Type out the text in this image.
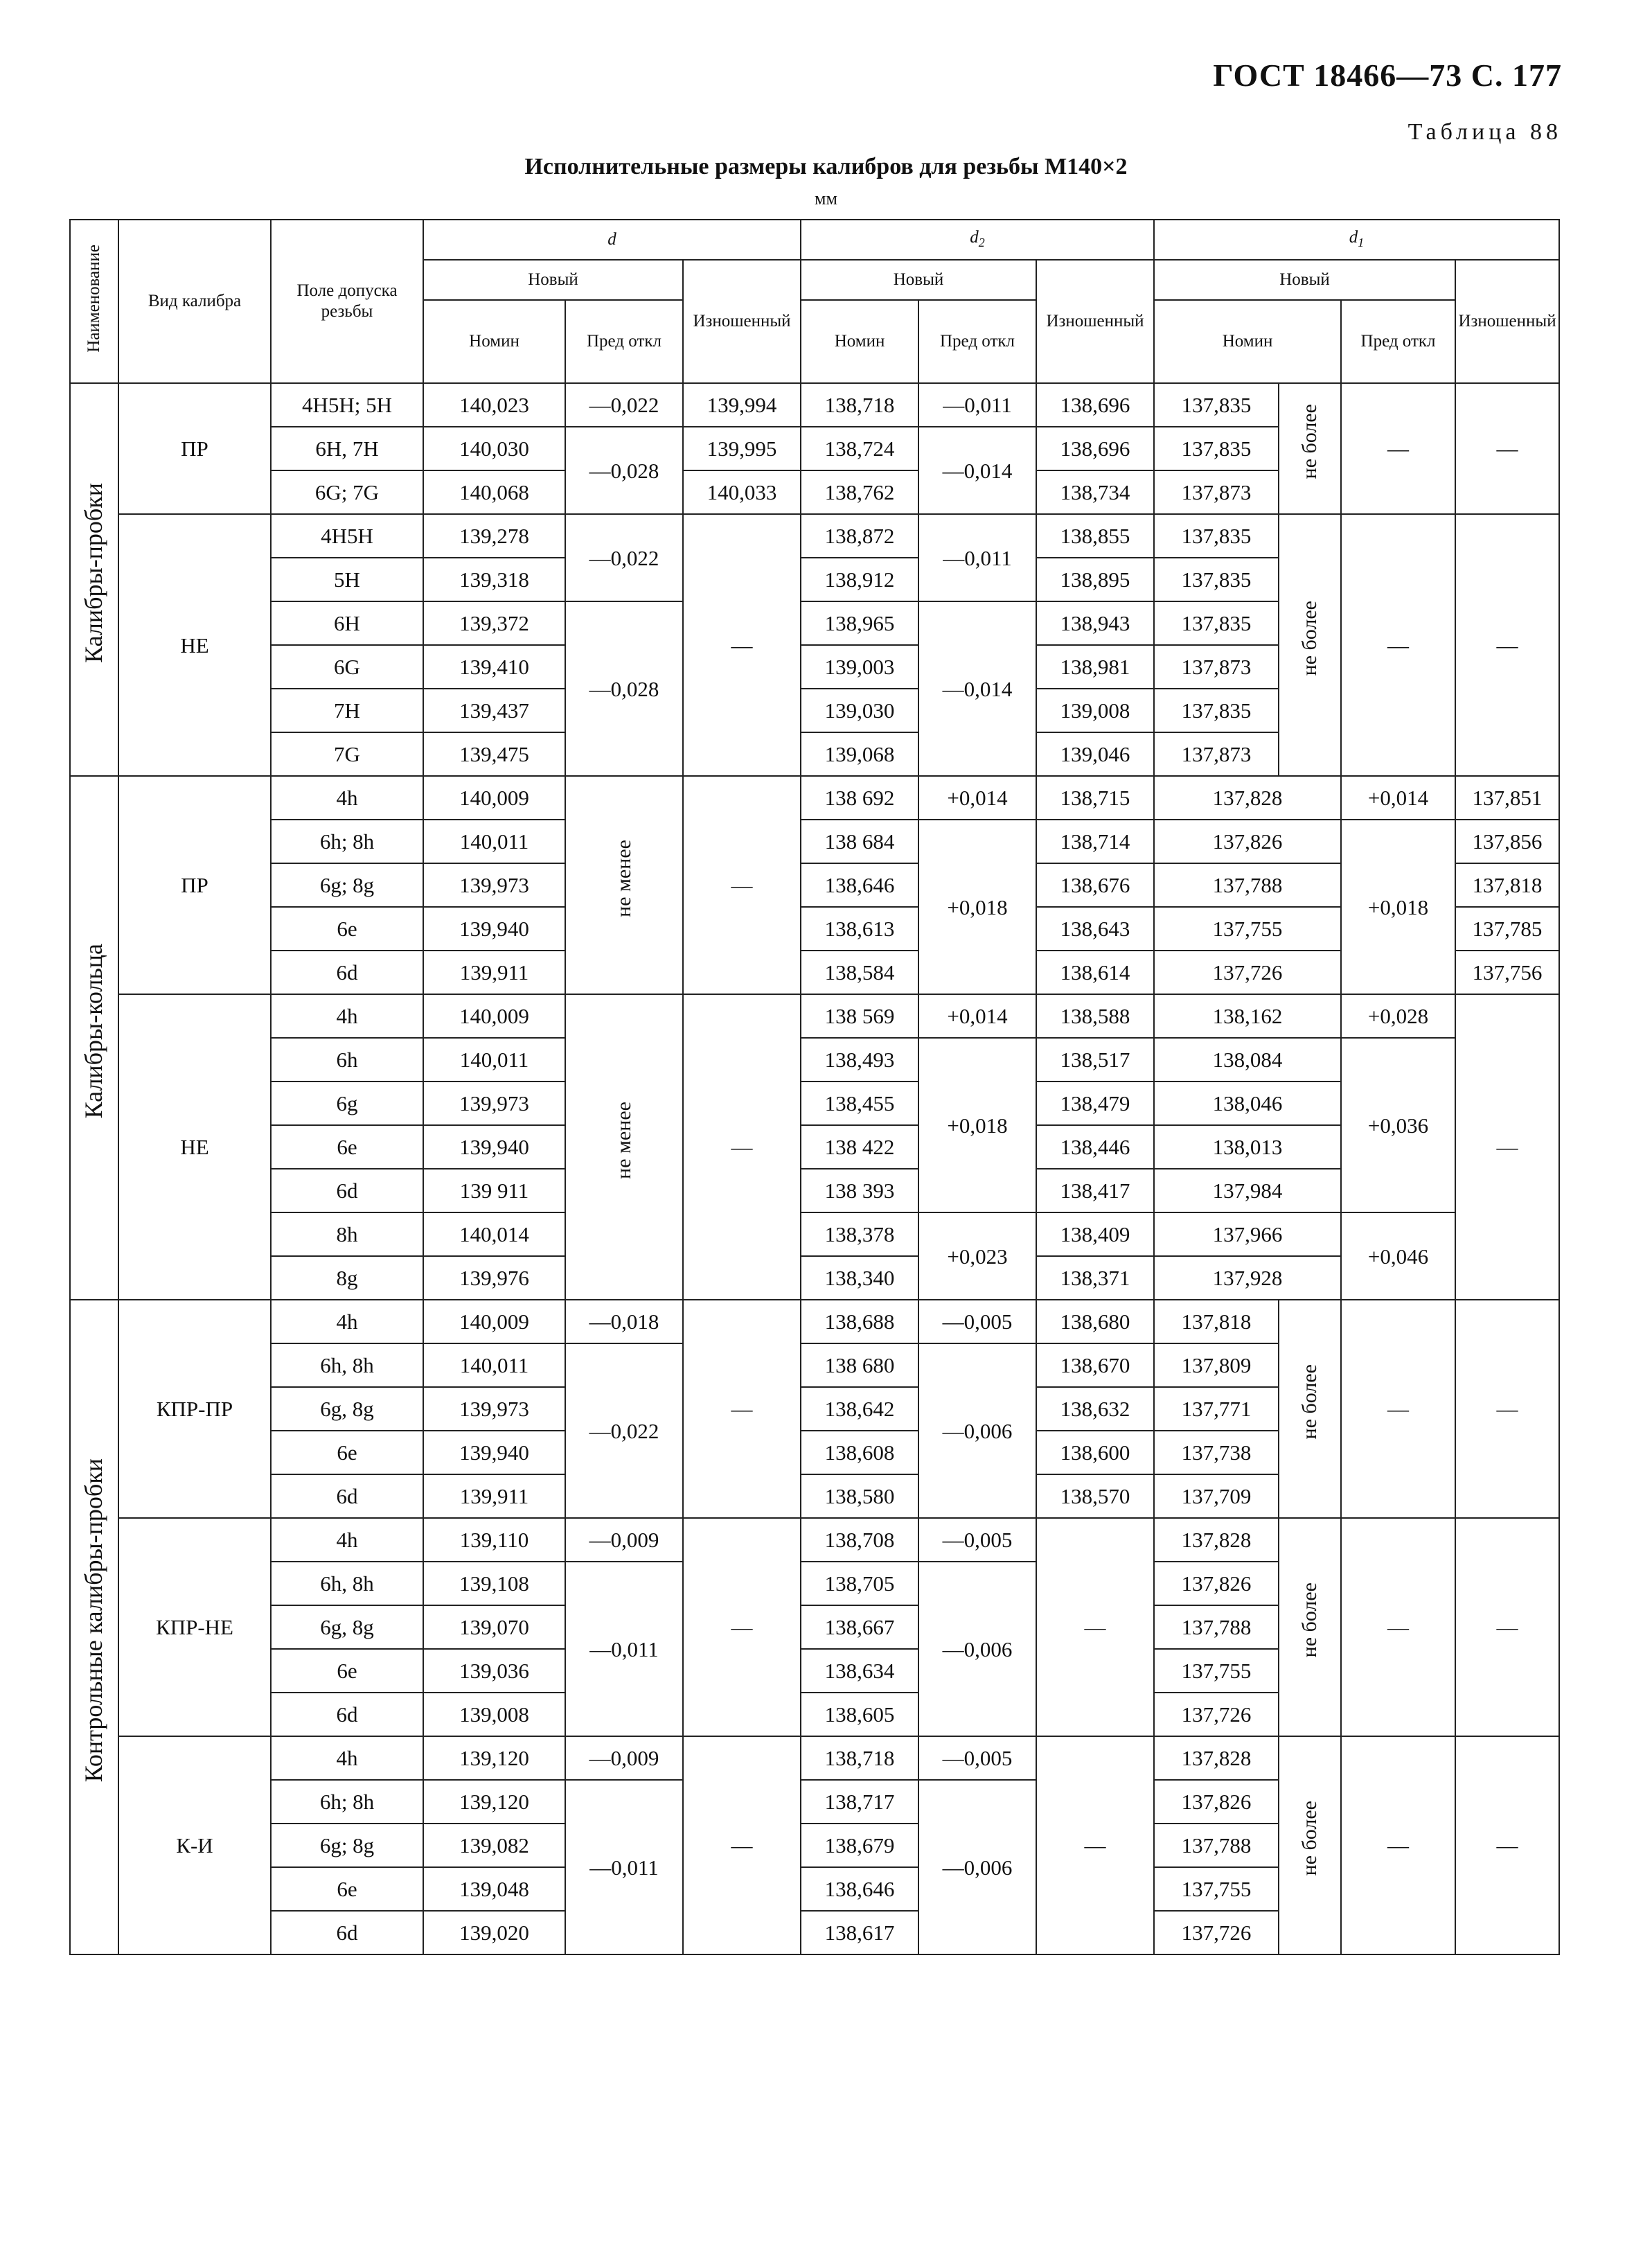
ГОСТ 18466—73 С. 177
Таблица 88
Исполнительные размеры калибров для резьбы М140×2
мм
Наименование	Вид калибра	Поле допуска резьбы	d			$d_2$			$d_1$
			Новый		Изношенный	Новый		Изношенный	Новый			Изношенный
			Номин	Пред откл		Номин	Пред откл		Номин		Пред откл	
Калибры-пробки	ПР	4H5H; 5H	140,023	—0,022	139,994	138,718	—0,011	138,696	137,835	не более	—	—
		6H, 7H	140,030	—0,028	139,995	138,724	—0,014	138,696	137,835			
		6G; 7G	140,068		140,033	138,762		138,734	137,873			
	НЕ	4H5H	139,278	—0,022	—	138,872	—0,011	138,855	137,835	не более	—	—
		5H	139,318			138,912		138,895	137,835			
		6H	139,372	—0,028		138,965	—0,014	138,943	137,835			
		6G	139,410			139,003		138,981	137,873			
		7H	139,437			139,030		139,008	137,835			
		7G	139,475			139,068		139,046	137,873			
Калибры-кольца	ПР	4h	140,009	не менее	—	138 692	+0,014	138,715	137,828		+0,014	137,851
		6h; 8h	140,011			138 684	+0,018	138,714	137,826		+0,018	137,856
		6g; 8g	139,973			138,646		138,676	137,788			137,818
		6e	139,940			138,613		138,643	137,755			137,785
		6d	139,911			138,584		138,614	137,726			137,756
	НЕ	4h	140,009	не менее	—	138 569	+0,014	138,588	138,162		+0,028	—
		6h	140,011			138,493	+0,018	138,517	138,084		+0,036	
		6g	139,973			138,455		138,479	138,046			
		6e	139,940			138 422		138,446	138,013			
		6d	139 911			138 393		138,417	137,984			
		8h	140,014			138,378	+0,023	138,409	137,966		+0,046	
		8g	139,976			138,340		138,371	137,928			
Контрольные калибры-пробки	КПР-ПР	4h	140,009	—0,018	—	138,688	—0,005	138,680	137,818	не более	—	—
		6h, 8h	140,011	—0,022		138 680	—0,006	138,670	137,809			
		6g, 8g	139,973			138,642		138,632	137,771			
		6e	139,940			138,608		138,600	137,738			
		6d	139,911			138,580		138,570	137,709			
	КПР-НЕ	4h	139,110	—0,009	—	138,708	—0,005	—	137,828	не более	—	—
		6h, 8h	139,108	—0,011		138,705	—0,006		137,826			
		6g, 8g	139,070			138,667			137,788			
		6e	139,036			138,634			137,755			
		6d	139,008			138,605			137,726			
	К-И	4h	139,120	—0,009	—	138,718	—0,005	—	137,828	не более	—	—
		6h; 8h	139,120	—0,011		138,717	—0,006		137,826			
		6g; 8g	139,082			138,679			137,788			
		6e	139,048			138,646			137,755			
		6d	139,020			138,617			137,726			
